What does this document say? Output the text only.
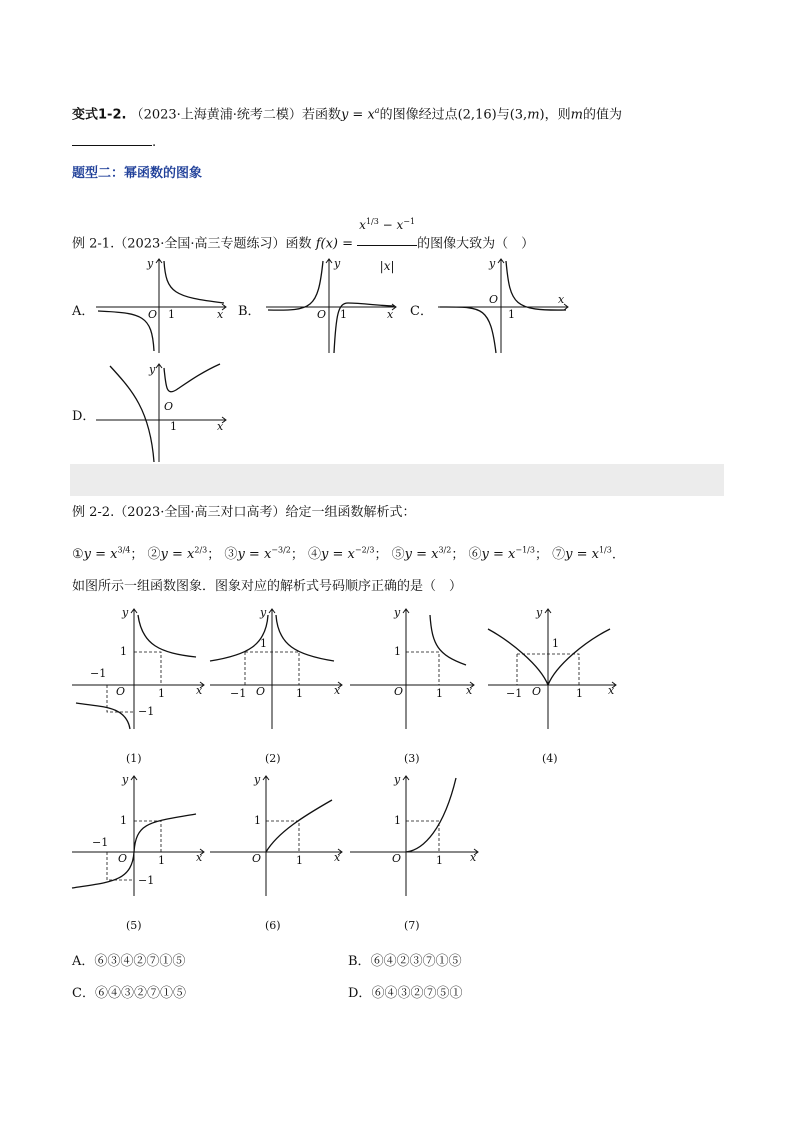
变式1-2. （2023·上海黄浦·统考二模）若函数$y = x^a$的图像经过点(2,16)与(3,m)，则m的值为
.
题型二：幂函数的图象
例 2-1.（2023·全国·高三专题练习）函数 $f(x) = \frac{x^{1/3} - x^{-1}}{|x|}$ 的图像大致为（　）
A．	B．	C．
D．
O 1	x
y
O 1	x
y
O
1
x
y
O
1	x
y
例 2-2.（2023·全国·高三对口高考）给定一组函数解析式：
①y = $x^{3/4}$； ②y = $x^{2/3}$； ③y = $x^{-3/2}$； ④y = $x^{-2/3}$； ⑤y = $x^{3/2}$； ⑥y = $x^{-1/3}$； ⑦y = $x^{1/3}$.
如图所示一组函数图象．图象对应的解析式号码顺序正确的是（　）
y
O	1
1
−1
−1
x
(1)
y
O	1
1
−1	x
(2)
y
O	1
1
x
(3)
y
O	1
1
−1	x
(4)
y
O	1
1
−1
−1
x
(5)
y
O	1
1
x
(6)
y
O	1
1
x
(7)
A．⑥③④②⑦①⑤	B．⑥④②③⑦①⑤
C．⑥④③②⑦①⑤	D．⑥④③②⑦⑤①
